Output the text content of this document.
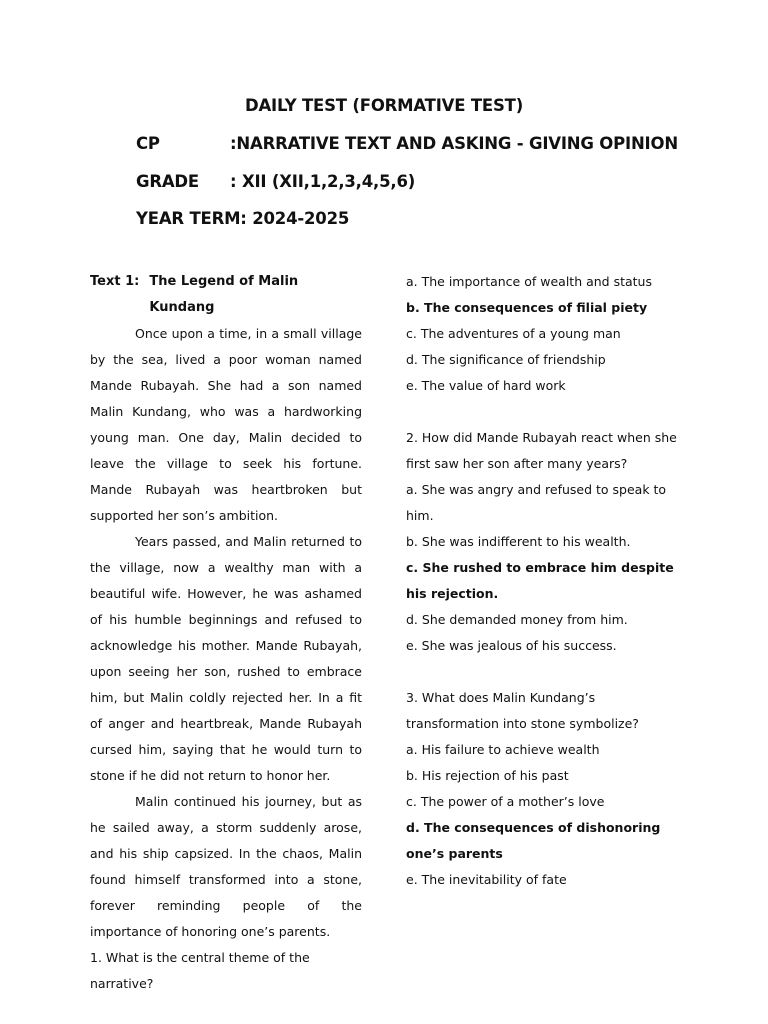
DAILY TEST (FORMATIVE TEST)
CP	:NARRATIVE TEXT AND ASKING - GIVING OPINION
GRADE : XII (XII,1,2,3,4,5,6)
YEAR TERM: 2024-2025
Text 1: The Legend of Malin Kundang

Once upon a time, in a small village by the sea, lived a poor woman named Mande Rubayah. She had a son named Malin Kundang, who was a hardworking young man. One day, Malin decided to leave the village to seek his fortune. Mande Rubayah was heartbroken but supported her son’s ambition.

Years passed, and Malin returned to the village, now a wealthy man with a beautiful wife. However, he was ashamed of his humble beginnings and refused to acknowledge his mother. Mande Rubayah, upon seeing her son, rushed to embrace him, but Malin coldly rejected her. In a fit of anger and heartbreak, Mande Rubayah cursed him, saying that he would turn to stone if he did not return to honor her.

Malin continued his journey, but as he sailed away, a storm suddenly arose, and his ship capsized. In the chaos, Malin found himself transformed into a stone, forever reminding people of the importance of honoring one’s parents.

1. What is the central theme of the narrative?

a. The importance of wealth and status

b. The consequences of filial piety

c. The adventures of a young man

d. The significance of friendship

e. The value of hard work

2. How did Mande Rubayah react when she first saw her son after many years?

a. She was angry and refused to speak to him.

b. She was indifferent to his wealth.

c. She rushed to embrace him despite his rejection.

d. She demanded money from him.

e. She was jealous of his success.

3. What does Malin Kundang’s transformation into stone symbolize?

a. His failure to achieve wealth

b. His rejection of his past

c. The power of a mother’s love

d. The consequences of dishonoring one’s parents

e. The inevitability of fate
